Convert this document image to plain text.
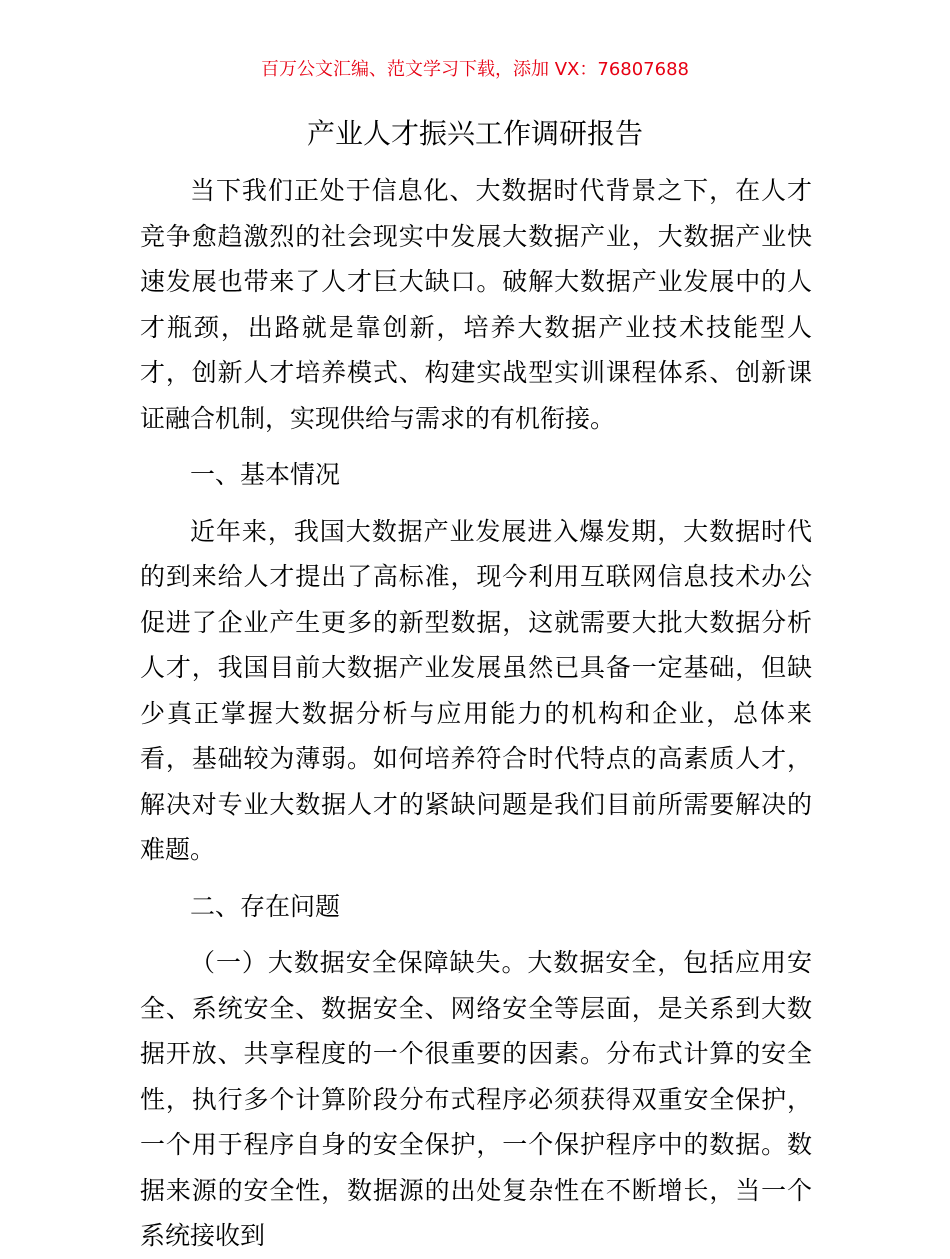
百万公文汇编、范文学习下载，添加 VX：76807688
产业人才振兴工作调研报告

当下我们正处于信息化、大数据时代背景之下，在人才竞争愈趋激烈的社会现实中发展大数据产业，大数据产业快速发展也带来了人才巨大缺口。破解大数据产业发展中的人才瓶颈，出路就是靠创新，培养大数据产业技术技能型人才，创新人才培养模式、构建实战型实训课程体系、创新课证融合机制，实现供给与需求的有机衔接。

一、基本情况

近年来，我国大数据产业发展进入爆发期，大数据时代的到来给人才提出了高标准，现今利用互联网信息技术办公促进了企业产生更多的新型数据，这就需要大批大数据分析人才，我国目前大数据产业发展虽然已具备一定基础，但缺少真正掌握大数据分析与应用能力的机构和企业，总体来看，基础较为薄弱。如何培养符合时代特点的高素质人才，解决对专业大数据人才的紧缺问题是我们目前所需要解决的难题。

二、存在问题

（一）大数据安全保障缺失。大数据安全，包括应用安全、系统安全、数据安全、网络安全等层面，是关系到大数据开放、共享程度的一个很重要的因素。分布式计算的安全性，执行多个计算阶段分布式程序必须获得双重安全保护，一个用于程序自身的安全保护，一个保护程序中的数据。数据来源的安全性，数据源的出处复杂性在不断增长，当一个系统接收到
